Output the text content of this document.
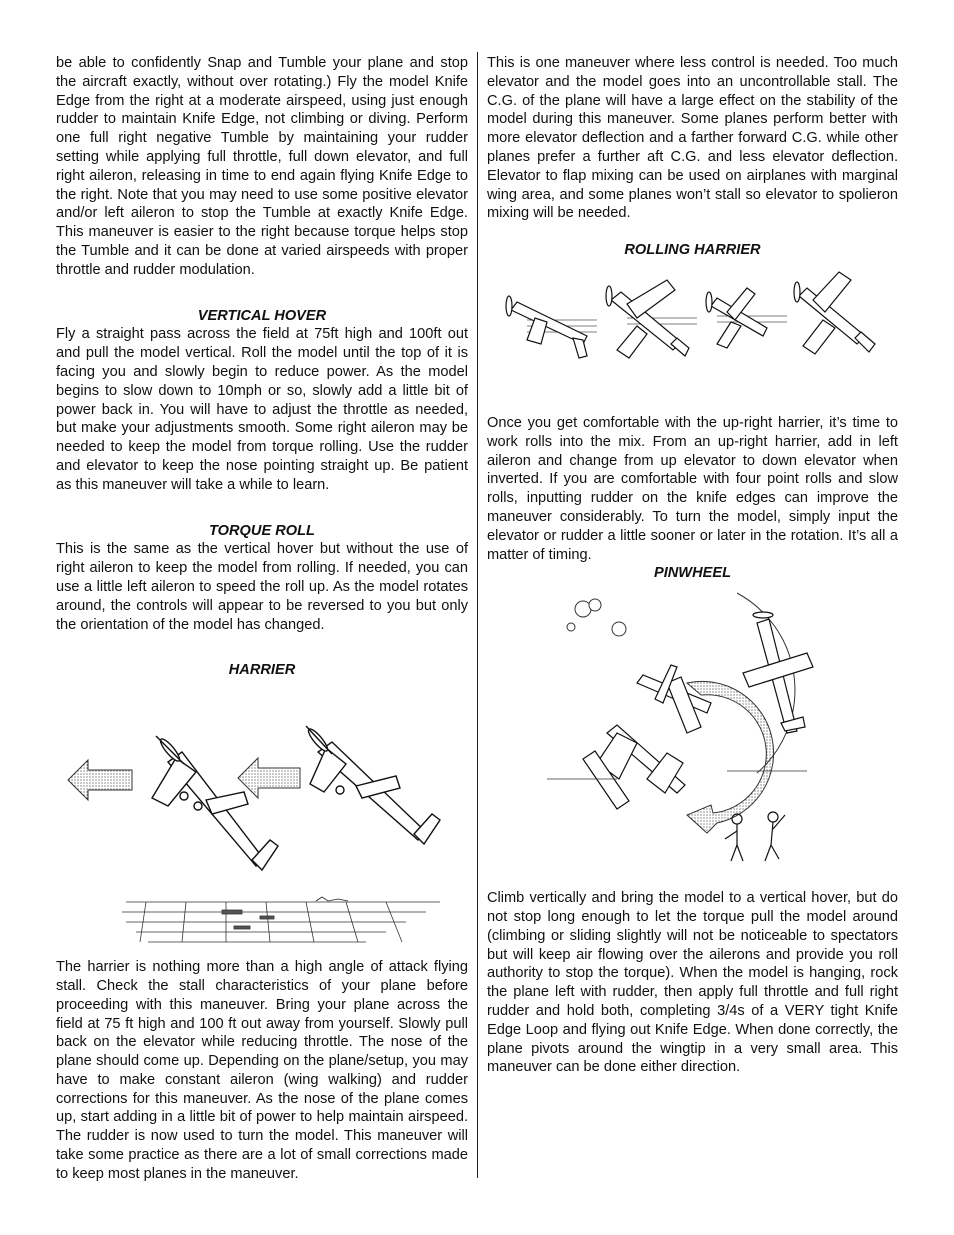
be able to confidently Snap and Tumble your plane and stop the aircraft exactly, without over rotating.) Fly the model Knife Edge from the right at a moderate airspeed, using just enough rudder to maintain Knife Edge, not climbing or diving. Perform one full right negative Tumble by maintaining your rudder setting while applying full throttle, full down elevator, and full right aileron, releasing in time to end again flying Knife Edge to the right. Note that you may need to use some positive elevator and/or left aileron to stop the Tumble at exactly Knife Edge. This maneuver is easier to the right because torque helps stop the Tumble and it can be done at varied airspeeds with proper throttle and rudder modulation.

VERTICAL HOVER

Fly a straight pass across the field at 75ft high and 100ft out and pull the model vertical. Roll the model until the top of it is facing you and slowly begin to reduce power. As the model begins to slow down to 10mph or so, slowly add a little bit of power back in. You will have to adjust the throttle as needed, but make your adjustments smooth. Some right aileron may be needed to keep the model from torque rolling. Use the rudder and elevator to keep the nose pointing straight up. Be patient as this maneuver will take a while to learn.

TORQUE ROLL

This is the same as the vertical hover but without the use of right aileron to keep the model from rolling. If needed, you can use a little left aileron to speed the roll up. As the model rotates around, the controls will appear to be reversed to you but only the orientation of the model has changed.

HARRIER

The harrier is nothing more than a high angle of attack flying stall. Check the stall characteristics of your plane before proceeding with this maneuver. Bring your plane across the field at 75 ft high and 100 ft out away from yourself. Slowly pull back on the elevator while reducing throttle. The nose of the plane should come up. Depending on the plane/setup, you may have to make constant aileron (wing walking) and rudder corrections for this maneuver. As the nose of the plane comes up, start adding in a little bit of power to help maintain airspeed. The rudder is now used to turn the model. This maneuver will take some practice as there are a lot of small corrections made to keep most planes in the maneuver.

This is one maneuver where less control is needed. Too much elevator and the model goes into an uncontrollable stall. The C.G. of the plane will have a large effect on the stability of the model during this maneuver. Some planes perform better with more elevator deflection and a farther forward C.G. while other planes prefer a further aft C.G. and less elevator deflection. Elevator to flap mixing can be used on airplanes with marginal wing area, and some planes won’t stall so elevator to spolieron mixing will be needed.

ROLLING HARRIER

Once you get comfortable with the up-right harrier, it’s time to work rolls into the mix. From an up-right harrier, add in left aileron and change from up elevator to down elevator when inverted. If you are comfortable with four point rolls and slow rolls, inputting rudder on the knife edges can improve the maneuver considerably. To turn the model, simply input the elevator or rudder a little sooner or later in the rotation. It’s all a matter of timing.

PINWHEEL

Climb vertically and bring the model to a vertical hover, but do not stop long enough to let the torque pull the model around (climbing or sliding slightly will not be noticeable to spectators but will keep air flowing over the ailerons and provide you roll authority to stop the torque). When the model is hanging, rock the plane left with rudder, then apply full throttle and full right rudder and hold both, completing 3/4s of a VERY tight Knife Edge Loop and flying out Knife Edge. When done correctly, the plane pivots around the wingtip in a very small area. This maneuver can be done either direction.
